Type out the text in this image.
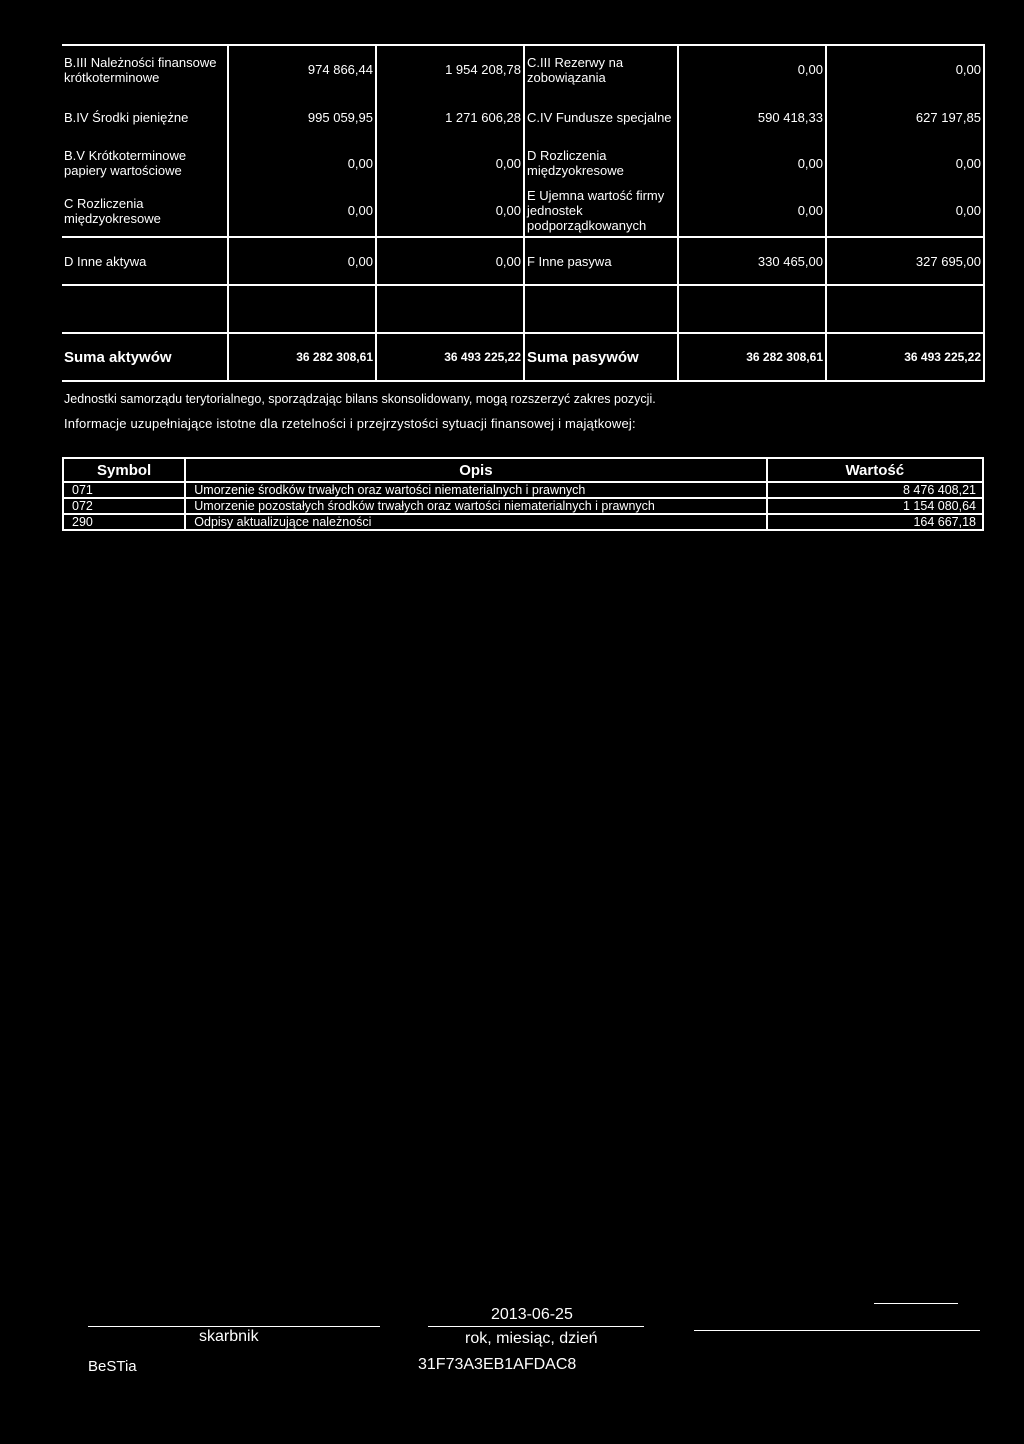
B.III Należności finansowe krótkoterminowe	974 866,44	1 954 208,78	C.III Rezerwy na zobowiązania	0,00	0,00
B.IV Środki pieniężne	995 059,95	1 271 606,28	C.IV Fundusze specjalne	590 418,33	627 197,85
B.V Krótkoterminowe papiery wartościowe	0,00	0,00	D Rozliczenia międzyokresowe	0,00	0,00
C Rozliczenia międzyokresowe	0,00	0,00	E Ujemna wartość firmy jednostek podporządkowanych	0,00	0,00
D Inne aktywa	0,00	0,00	F Inne pasywa	330 465,00	327 695,00

Suma aktywów	36 282 308,61	36 493 225,22	Suma pasywów	36 282 308,61	36 493 225,22
Jednostki samorządu terytorialnego, sporządzając bilans skonsolidowany, mogą rozszerzyć zakres pozycji.
Informacje uzupełniające istotne dla rzetelności i przejrzystości sytuacji finansowej i majątkowej:
Symbol	Opis	Wartość
071	Umorzenie środków trwałych oraz wartości niematerialnych i prawnych	8 476 408,21
072	Umorzenie pozostałych środków trwałych oraz wartości niematerialnych i prawnych	1 154 080,64
290	Odpisy aktualizujące należności	164 667,18
2013-06-25
skarbnik	rok, miesiąc, dzień
BeSTia	31F73A3EB1AFDAC8
